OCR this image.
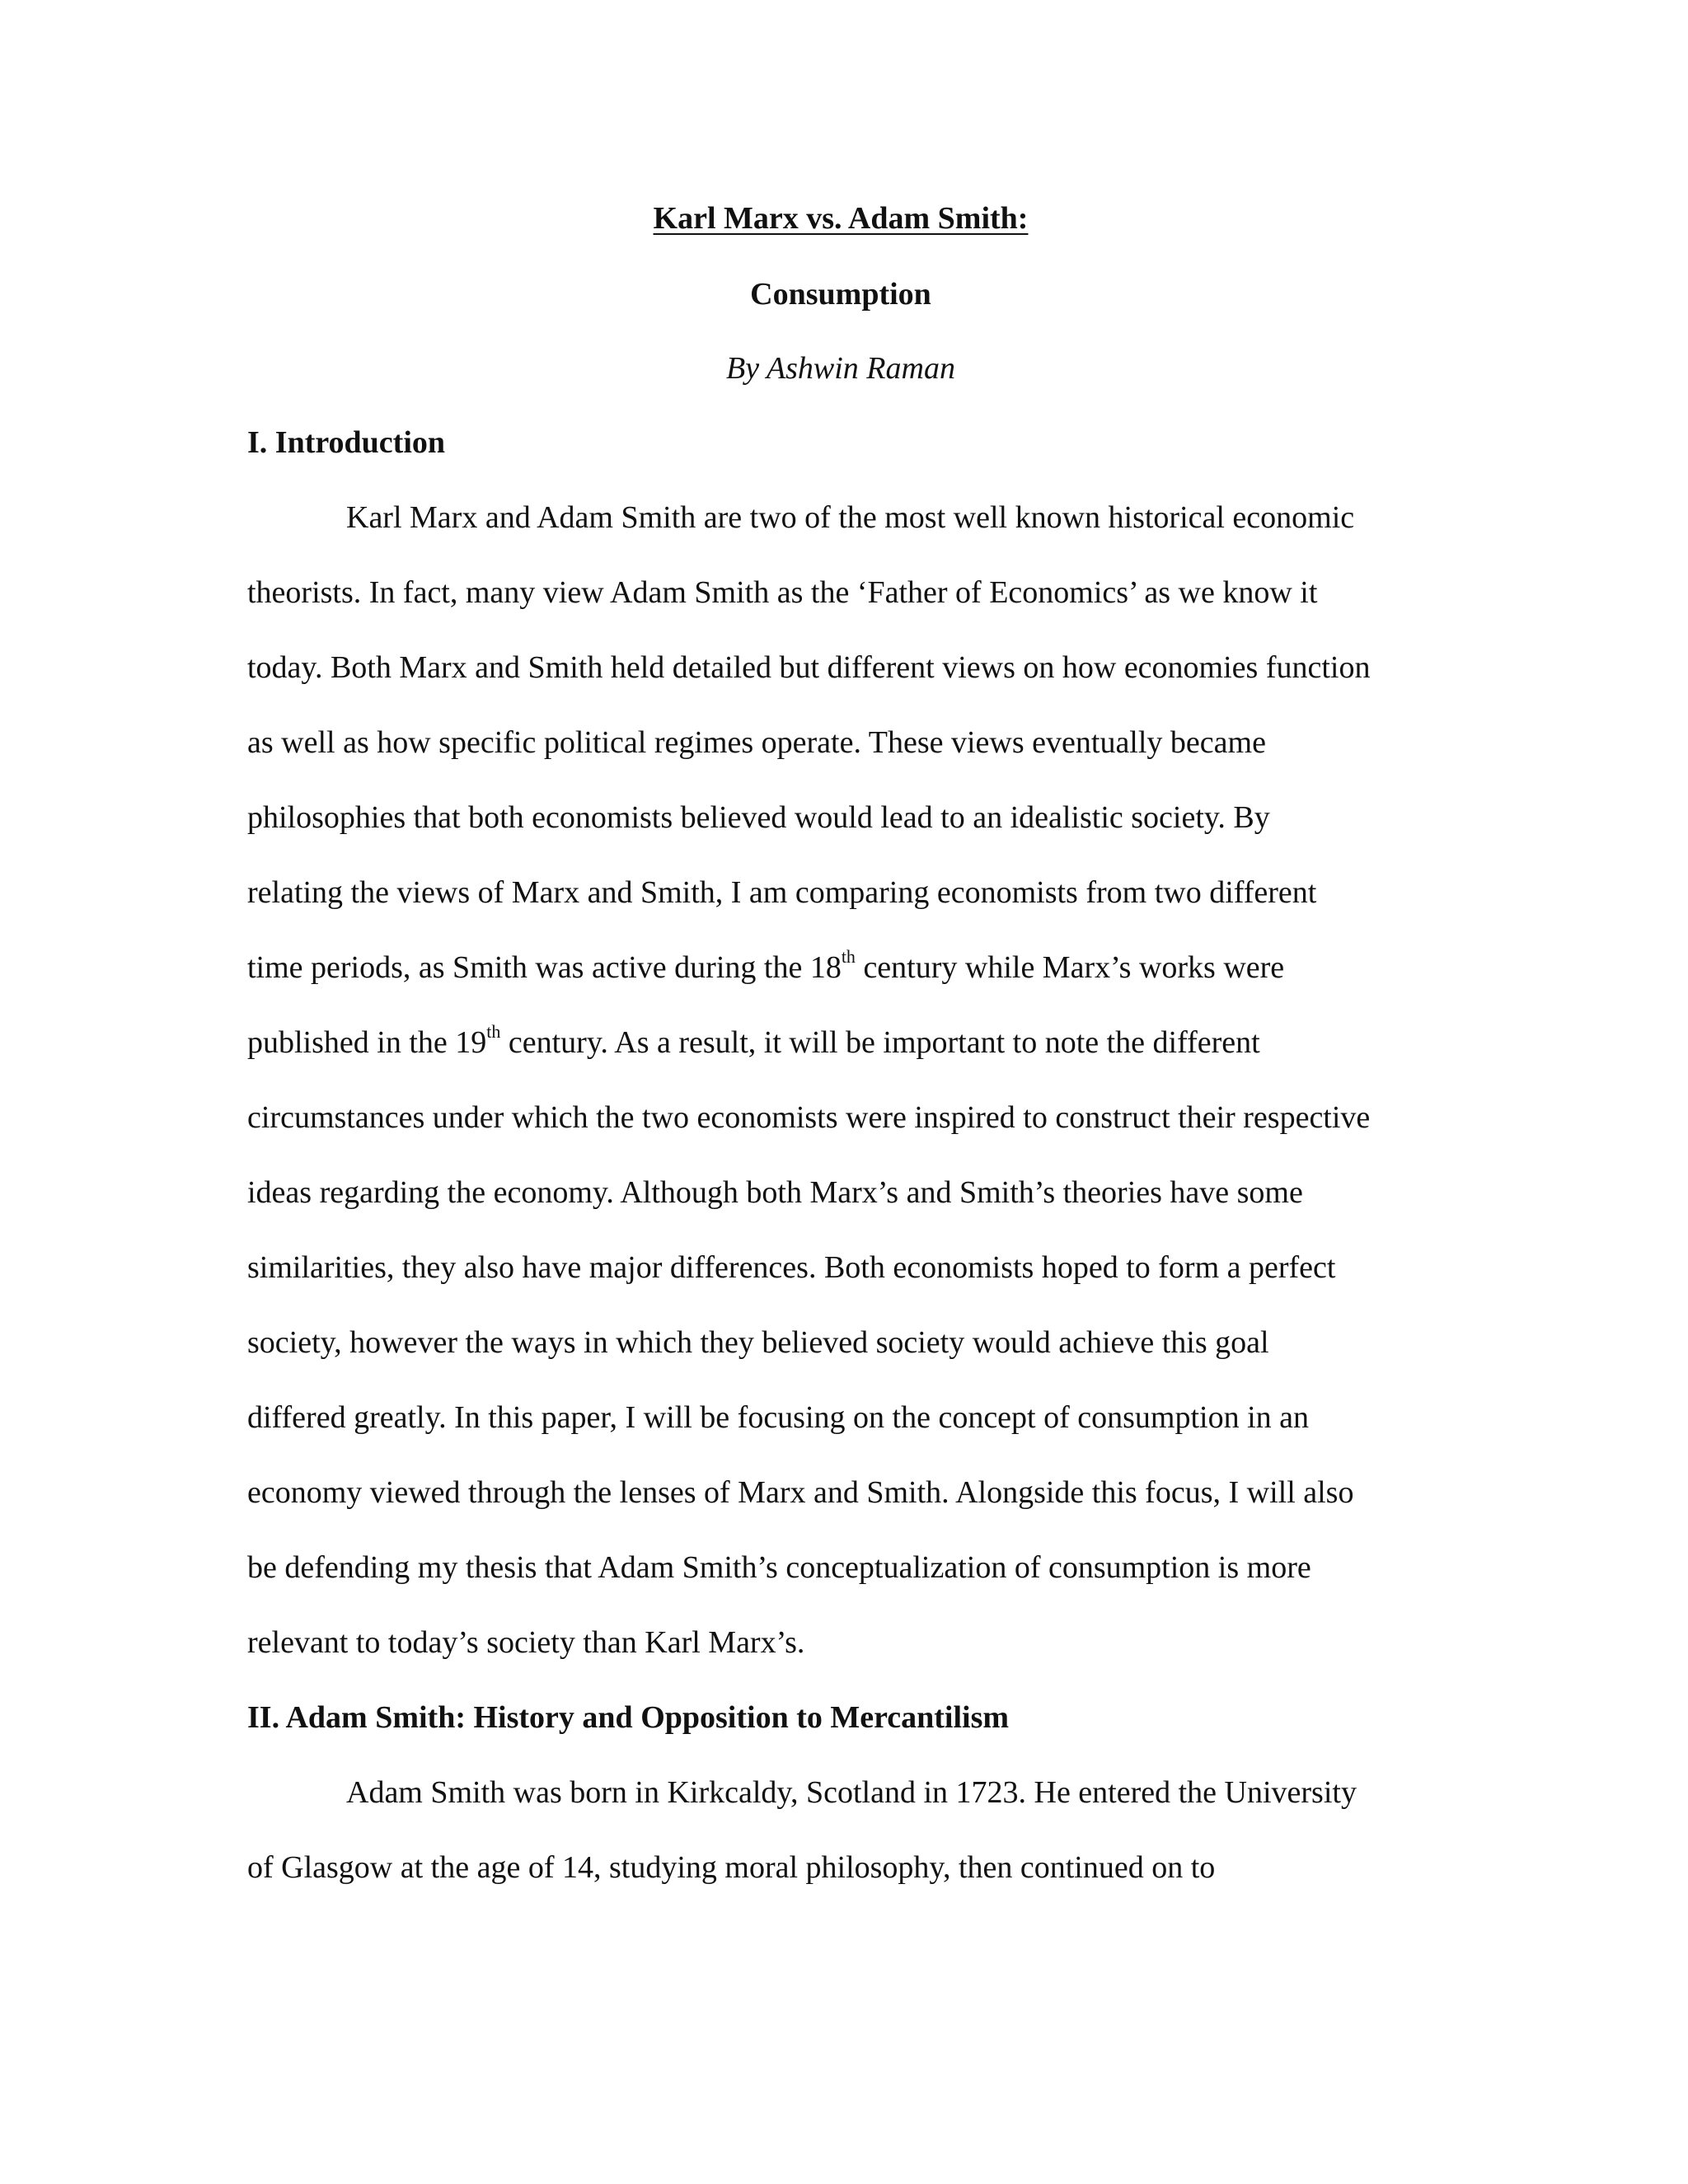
Karl Marx vs. Adam Smith:
Consumption
By Ashwin Raman
I. Introduction
Karl Marx and Adam Smith are two of the most well known historical economic
theorists. In fact, many view Adam Smith as the ‘Father of Economics’ as we know it
today. Both Marx and Smith held detailed but different views on how economies function
as well as how specific political regimes operate. These views eventually became
philosophies that both economists believed would lead to an idealistic society. By
relating the views of Marx and Smith, I am comparing economists from two different
time periods, as Smith was active during the 18th century while Marx’s works were
published in the 19th century. As a result, it will be important to note the different
circumstances under which the two economists were inspired to construct their respective
ideas regarding the economy. Although both Marx’s and Smith’s theories have some
similarities, they also have major differences. Both economists hoped to form a perfect
society, however the ways in which they believed society would achieve this goal
differed greatly. In this paper, I will be focusing on the concept of consumption in an
economy viewed through the lenses of Marx and Smith. Alongside this focus, I will also
be defending my thesis that Adam Smith’s conceptualization of consumption is more
relevant to today’s society than Karl Marx’s.
II. Adam Smith: History and Opposition to Mercantilism
Adam Smith was born in Kirkcaldy, Scotland in 1723. He entered the University
of Glasgow at the age of 14, studying moral philosophy, then continued on to
